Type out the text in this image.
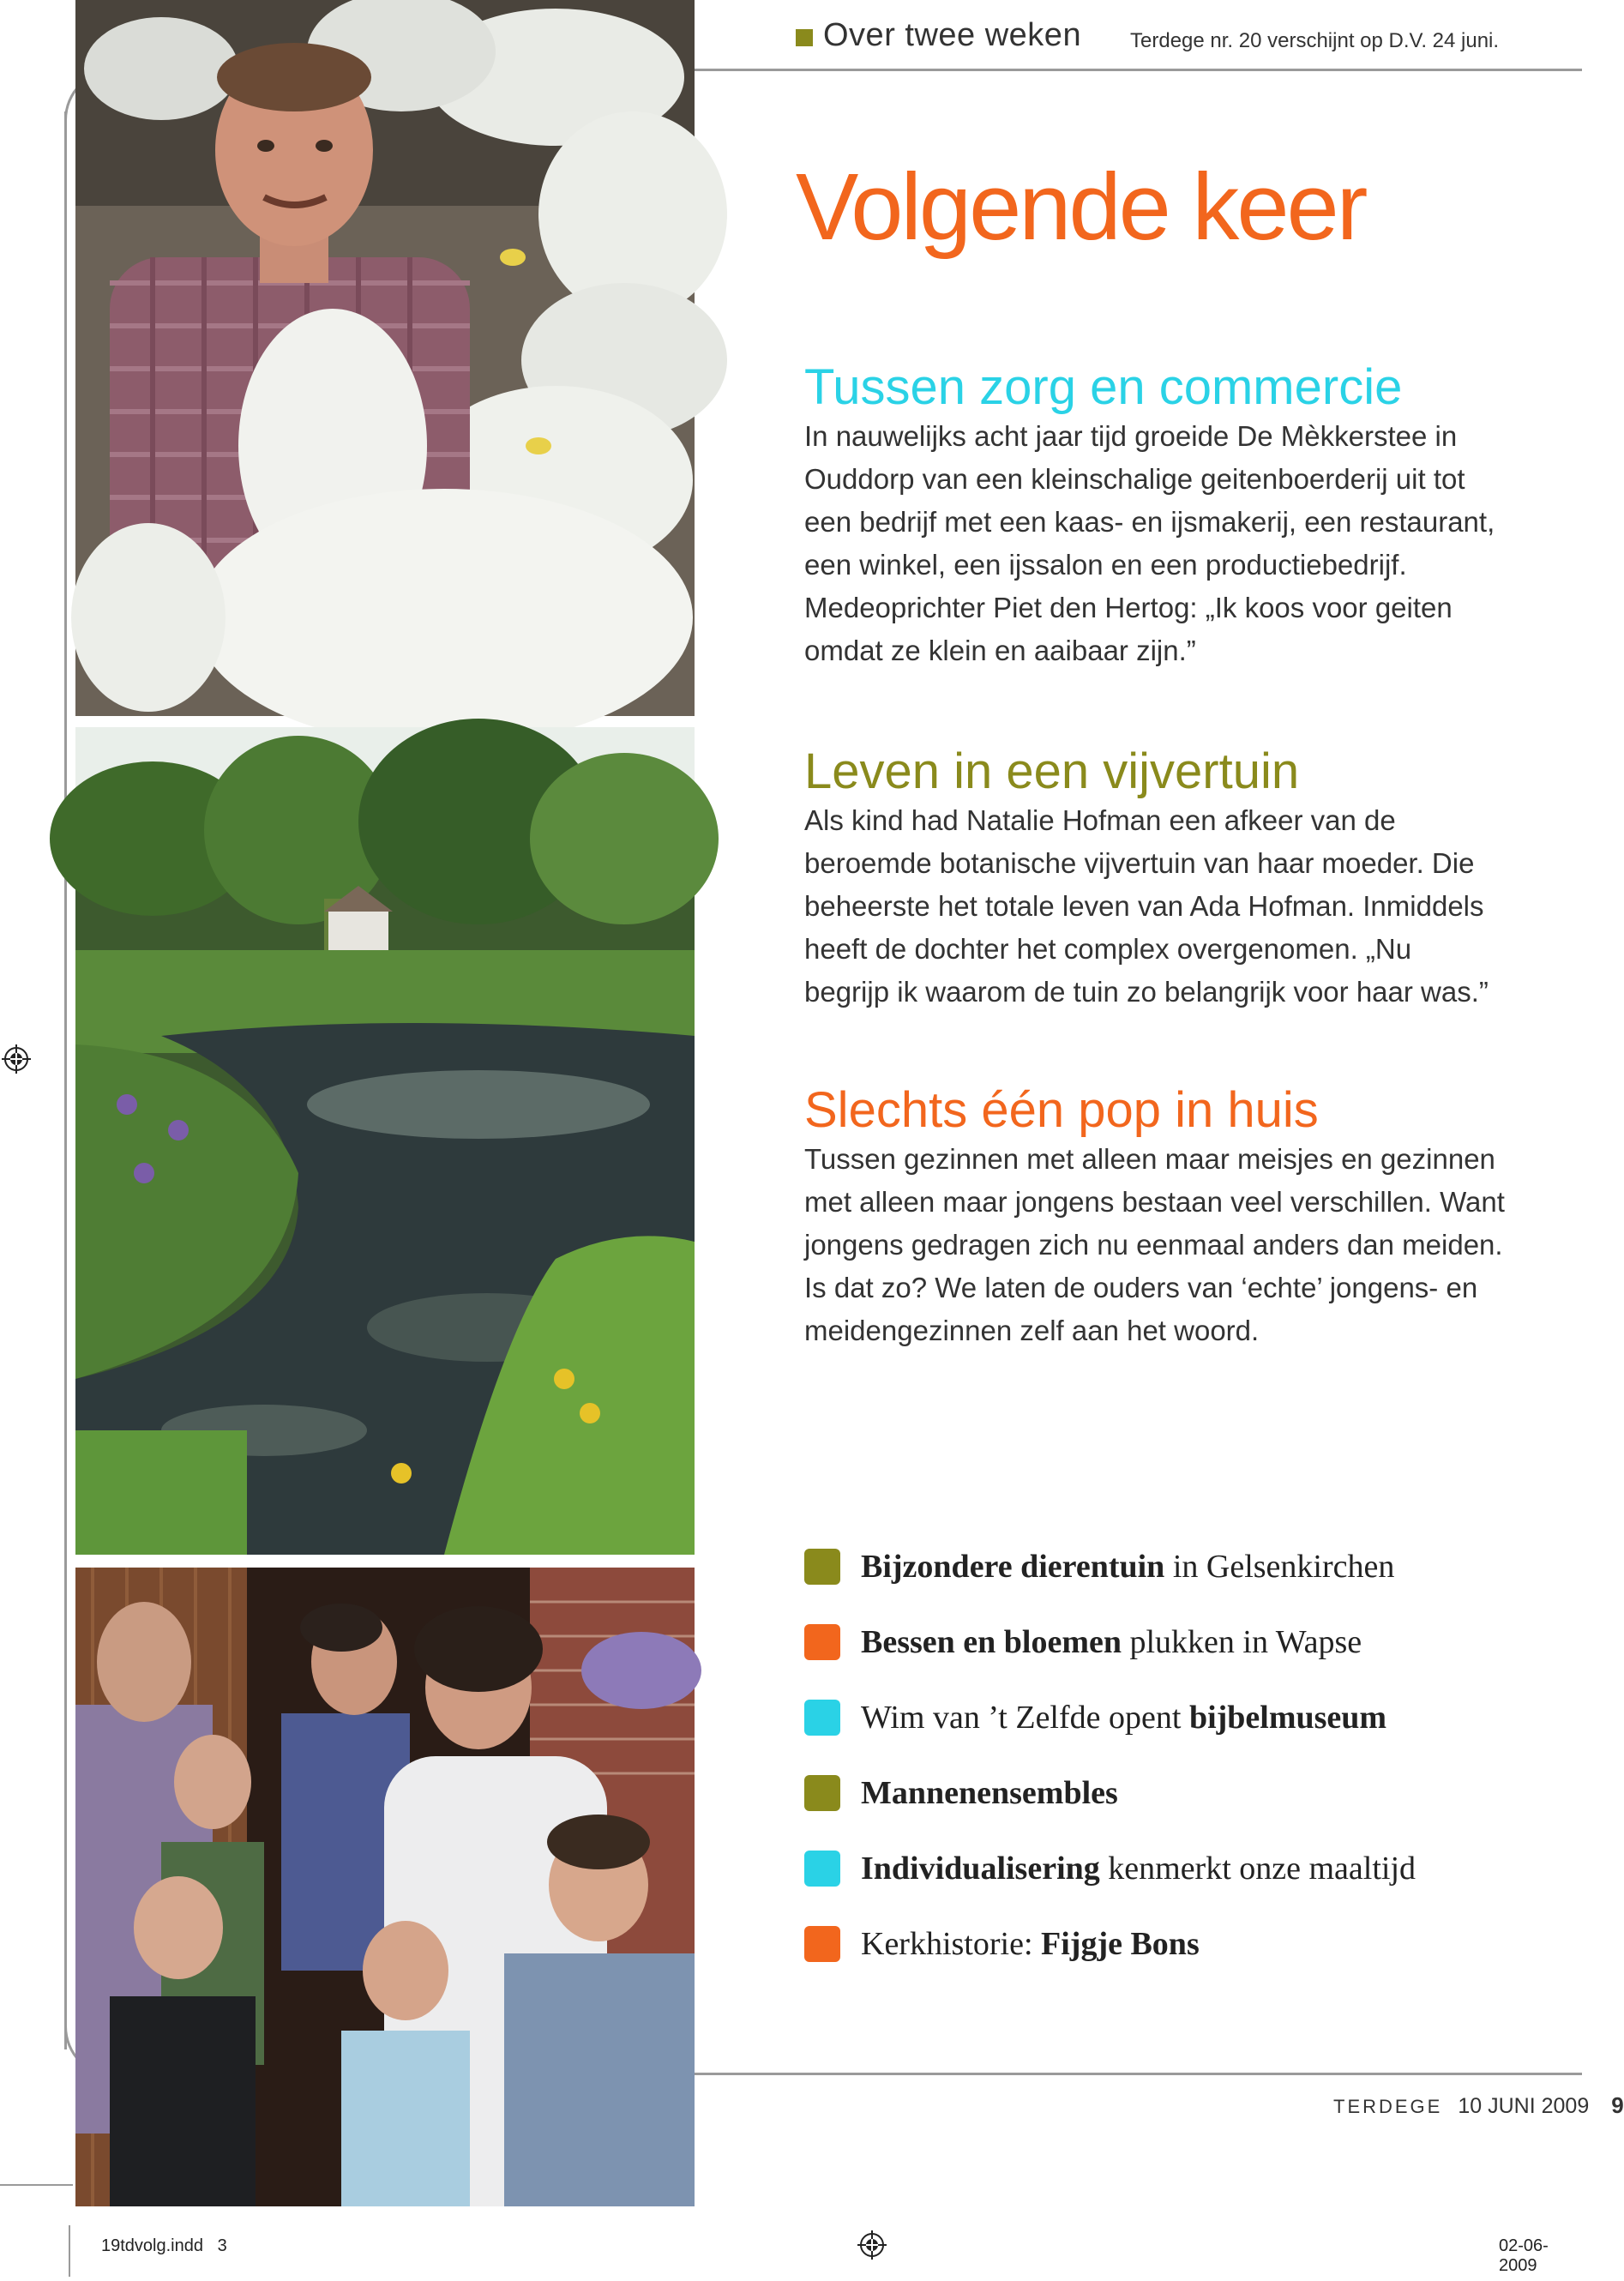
Over twee weken Terdege nr. 20 verschijnt op D.V. 24 juni.
Volgende keer
Tussen zorg en commercie
In nauwelijks acht jaar tijd groeide De Mèkkerstee in
Ouddorp van een kleinschalige geitenboerderij uit tot
een bedrijf met een kaas- en ijsmakerij, een restaurant,
een winkel, een ijssalon en een productiebedrijf.
Medeoprichter Piet den Hertog: „Ik koos voor geiten
omdat ze klein en aaibaar zijn.”
Leven in een vijvertuin
Als kind had Natalie Hofman een afkeer van de
beroemde botanische vijvertuin van haar moeder. Die
beheerste het totale leven van Ada Hofman. Inmiddels
heeft de dochter het complex overgenomen. „Nu
begrijp ik waarom de tuin zo belangrijk voor haar was.”
Slechts één pop in huis
Tussen gezinnen met alleen maar meisjes en gezinnen
met alleen maar jongens bestaan veel verschillen. Want
jongens gedragen zich nu eenmaal anders dan meiden.
Is dat zo? We laten de ouders van ‘echte’ jongens- en
meidengezinnen zelf aan het woord.
Bijzondere dierentuin in Gelsenkirchen
Bessen en bloemen plukken in Wapse
Wim van ’t Zelfde opent bijbelmuseum
Mannenensembles
Individualisering kenmerkt onze maaltijd
Kerkhistorie: Fijgje Bons
TERDEGE 10 JUNI 2009 9
19tdvolg.indd   3	02-06-2009
